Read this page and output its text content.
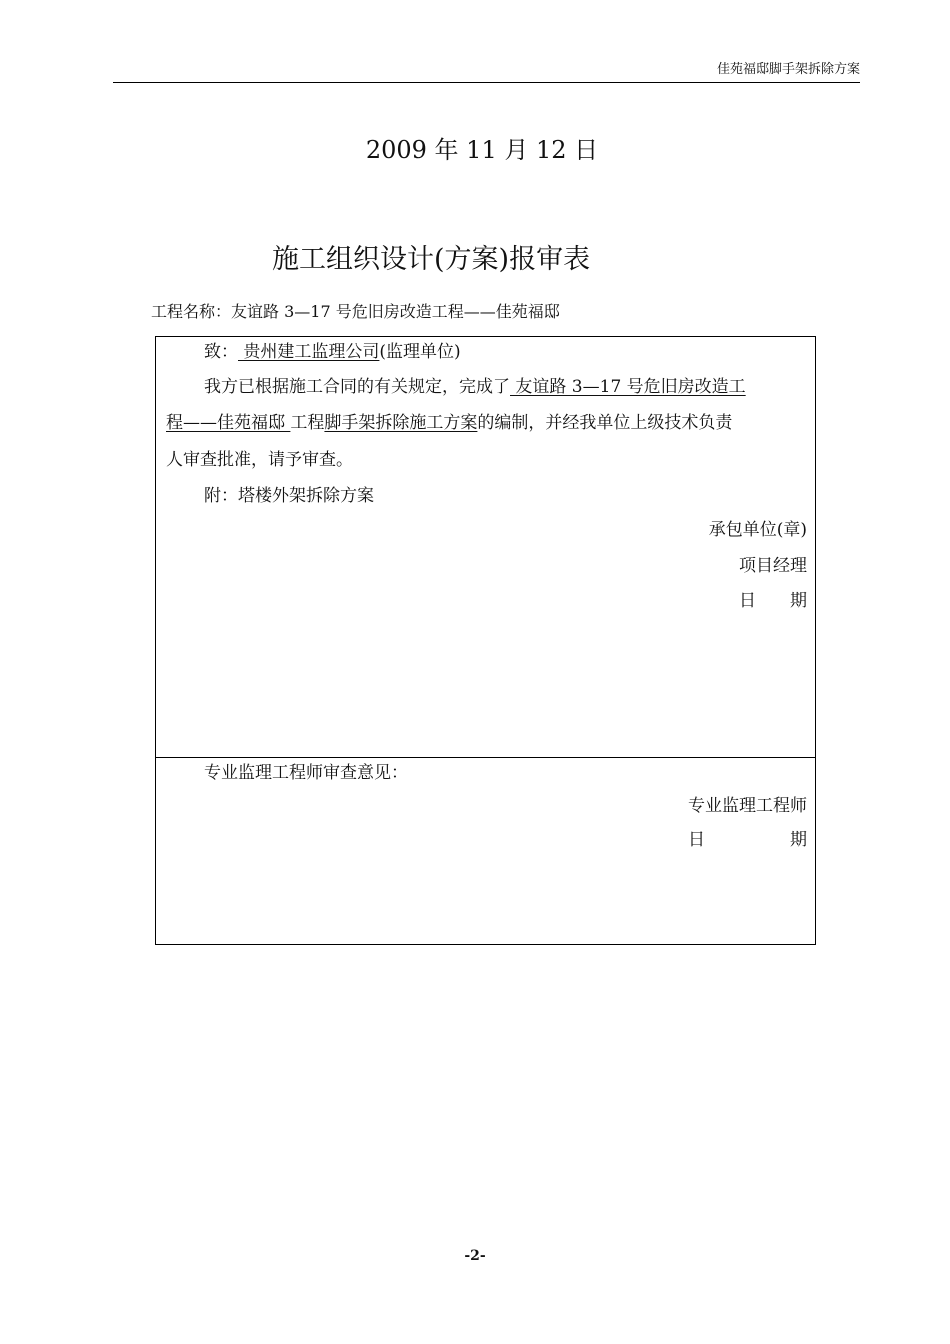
佳苑福邸脚手架拆除方案
2009 年 11 月 12 日
施工组织设计(方案)报审表
工程名称：友谊路 3—17 号危旧房改造工程——佳苑福邸
致： 贵州建工监理公司(监理单位)
我方已根据施工合同的有关规定，完成了 友谊路 3—17 号危旧房改造工
程——佳苑福邸 工程脚手架拆除施工方案的编制，并经我单位上级技术负责
人审查批准，请予审查。
附：塔楼外架拆除方案
承包单位(章)
项目经理
日　　期
专业监理工程师审查意见：
专业监理工程师
日　　　　　期
-2-
